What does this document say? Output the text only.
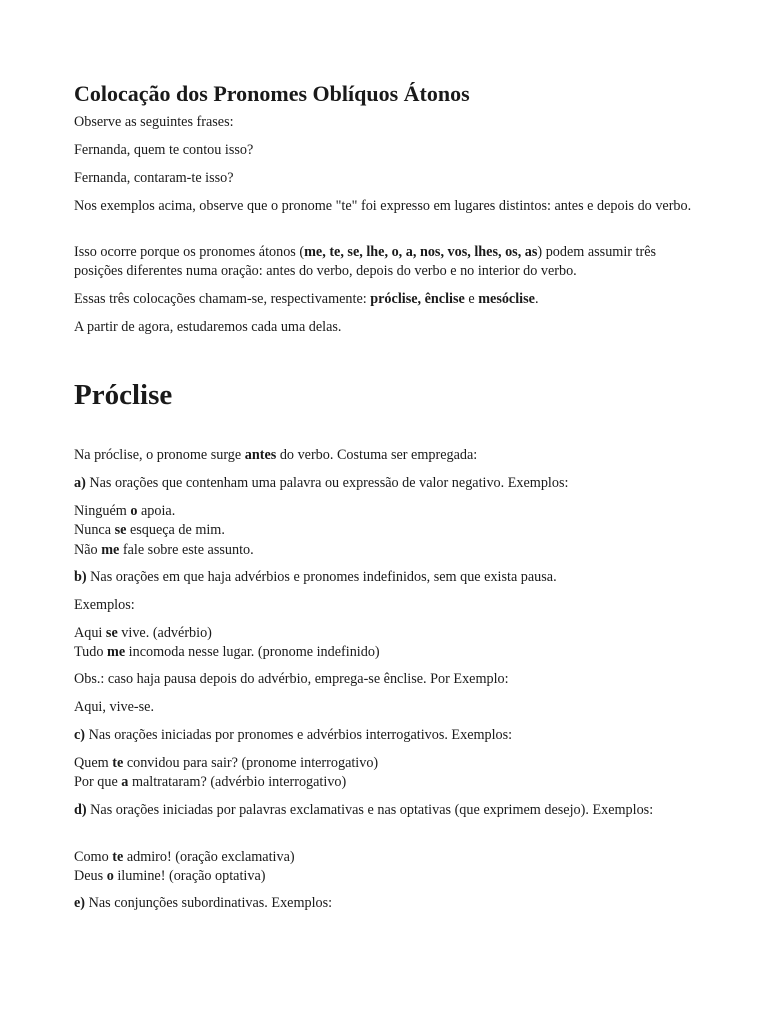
Colocação dos Pronomes Oblíquos Átonos

Observe as seguintes frases:

Fernanda, quem te contou isso?

Fernanda, contaram-te isso?

Nos exemplos acima, observe que o pronome "te" foi expresso em lugares distintos: antes e depois do verbo.

Isso ocorre porque os pronomes átonos (me, te, se, lhe, o, a, nos, vos, lhes, os, as) podem assumir três posições diferentes numa oração: antes do verbo, depois do verbo e no interior do verbo.

Essas três colocações chamam-se, respectivamente: próclise, ênclise e mesóclise.

A partir de agora, estudaremos cada uma delas.

Próclise

Na próclise, o pronome surge antes do verbo. Costuma ser empregada:

a) Nas orações que contenham uma palavra ou expressão de valor negativo. Exemplos:

Ninguém o apoia.
Nunca se esqueça de mim.
Não me fale sobre este assunto.

b) Nas orações em que haja advérbios e pronomes indefinidos, sem que exista pausa.

Exemplos:

Aqui se vive. (advérbio)
Tudo me incomoda nesse lugar. (pronome indefinido)

Obs.: caso haja pausa depois do advérbio, emprega-se ênclise. Por Exemplo:

Aqui, vive-se.

c) Nas orações iniciadas por pronomes e advérbios interrogativos. Exemplos:

Quem te convidou para sair? (pronome interrogativo)
Por que a maltrataram? (advérbio interrogativo)

d) Nas orações iniciadas por palavras exclamativas e nas optativas (que exprimem desejo). Exemplos:

Como te admiro! (oração exclamativa)
Deus o ilumine! (oração optativa)

e) Nas conjunções subordinativas. Exemplos:
